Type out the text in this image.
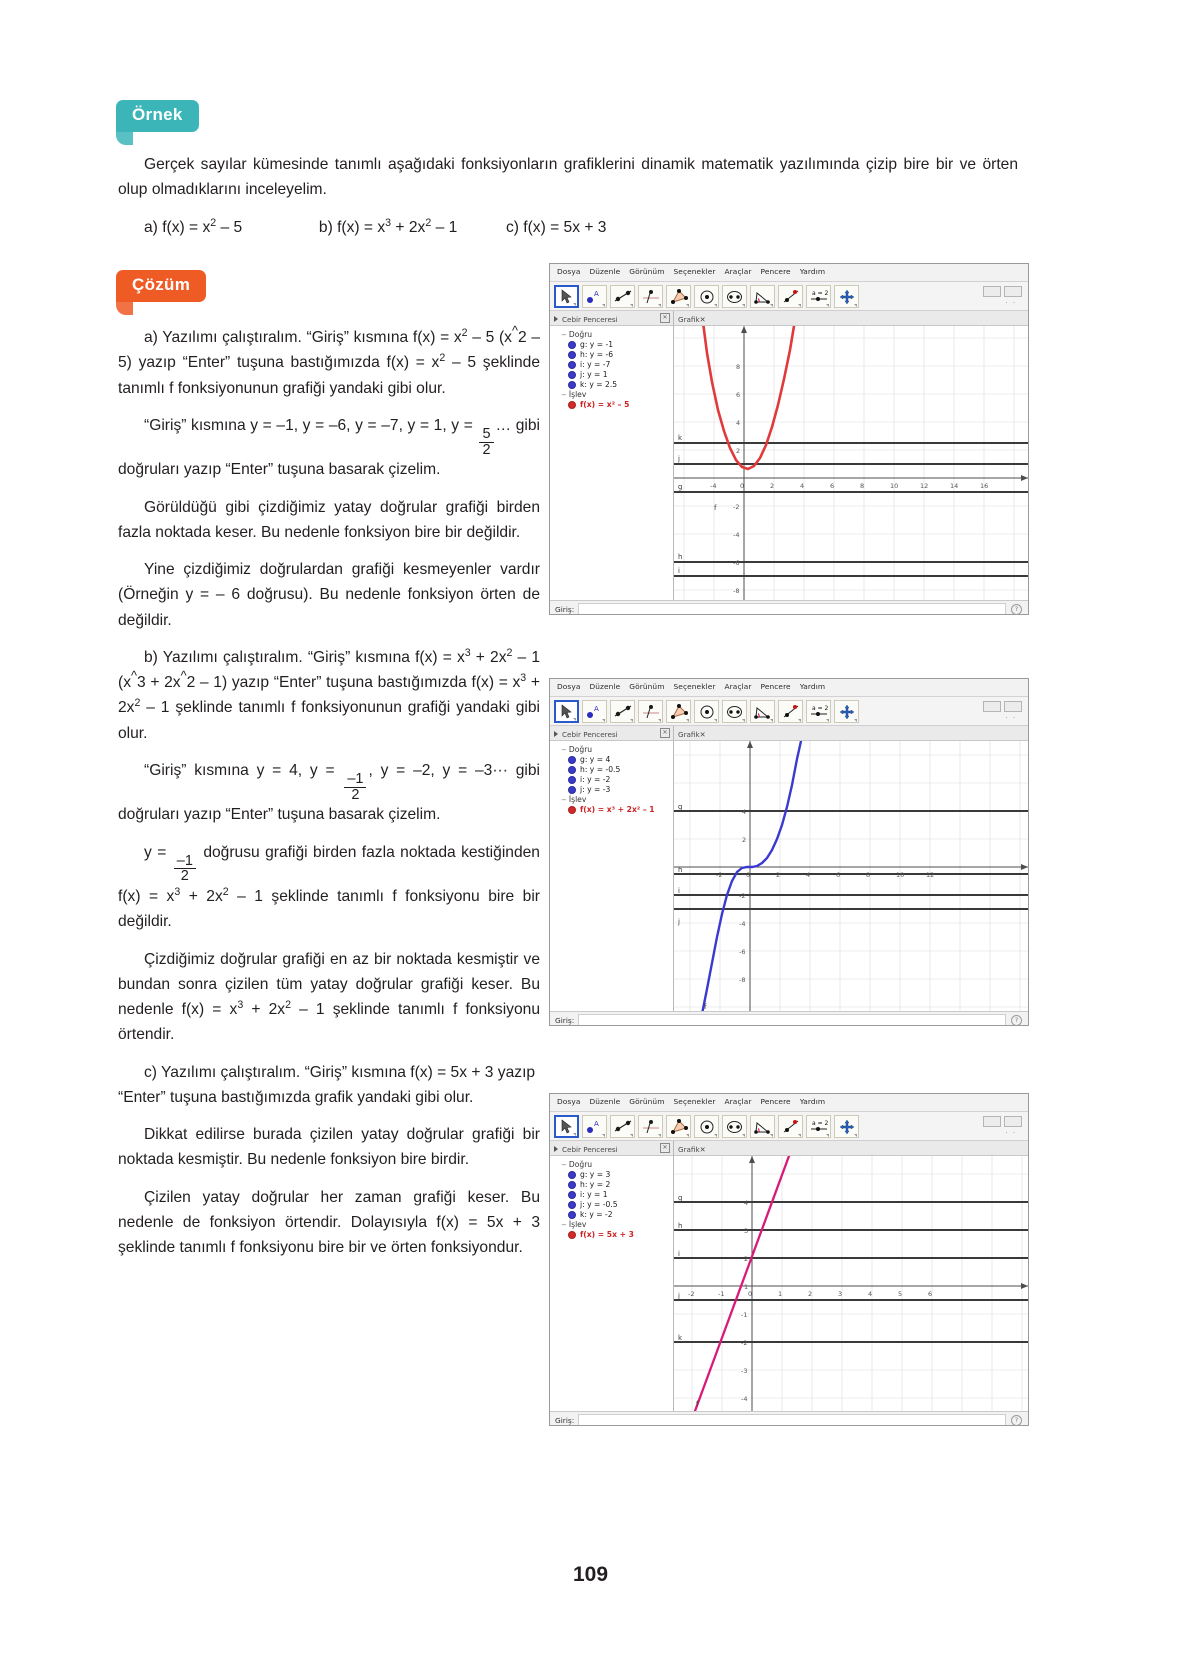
Örnek

Gerçek sayılar kümesinde tanımlı aşağıdaki fonksiyonların grafiklerini dinamik matematik yazılımında çizip bire bir ve örten olup olmadıklarını inceleyelim.

a) $f(x) = x^2 - 5$	b) $f(x) = x^3 + 2x^2 - 1$	c) f(x) = 5x + 3

Çözüm

a) Yazılımı çalıştıralım. “Giriş” kısmına $f(x) = x^2 - 5$ (x^2 –5) yazıp “Enter” tuşuna bastığımızda $f(x) = x^2 - 5$ şeklinde tanımlı f fonksiyonunun grafiği yandaki gibi olur.

“Giriş” kısmına y = –1, y = –6, y = –7, y = 1, y =
$\frac{5}{2}$
… gibi doğruları yazıp “Enter” tuşuna basarak çizelim.

Görüldüğü gibi çizdiğimiz yatay doğrular grafiği birden fazla noktada keser. Bu nedenle fonksiyon bire bir değildir.

Yine çizdiğimiz doğrulardan grafiği kesmeyenler vardır (Örneğin y = – 6 doğrusu). Bu nedenle fonksiyon örten de değildir.

b) Yazılımı çalıştıralım. “Giriş” kısmına $f(x) = x^3 + 2x^2 - 1$ (x^3 + 2x^2 – 1) yazıp “Enter” tuşuna bastığımızda $f(x) = x^3 + 2x^2 - 1$ şeklinde tanımlı f fonksiyonunun grafiği yandaki gibi olur.

“Giriş” kısmına y = 4, y =
$\frac{-1}{2}$
, y = –2, y = –3··· gibi doğruları yazıp “Enter” tuşuna basarak çizelim.

y =
$\frac{-1}{2}$
doğrusu grafiği birden fazla noktada kestiğinden $f(x) = x^3 + 2x^2 - 1$ şeklinde tanımlı f fonksiyonu bire bir değildir.

Çizdiğimiz doğrular grafiği en az bir noktada kesmiştir ve bundan sonra çizilen tüm yatay doğrular grafiği keser. Bu nedenle $f(x) = x^3 + 2x^2 - 1$ şeklinde tanımlı f fonksiyonu örtendir.

c) Yazılımı çalıştıralım. “Giriş” kısmına f(x) = 5x + 3 yazıp “Enter” tuşuna bastığımızda grafik yandaki gibi olur.

Dikkat edilirse burada çizilen yatay doğrular grafiği bir noktada kesmiştir. Bu nedenle fonksiyon bire birdir.

Çizilen yatay doğrular her zaman grafiği keser. Bu nedenle de fonksiyon örtendir. Dolayısıyla f(x) = 5x + 3 şeklinde tanımlı f fonksiyonu bire bir ve örten fonksiyondur.

Dosya Düzenle Görünüm Seçenekler Araçlar Pencere Yardım
A	a = 2
··
Cebir Penceresi	✕
− Doğru
g: y = -1
h: y = -6
i: y = -7
j: y = 1
k: y = 2.5
− İşlev
f(x) = x² – 5
Grafik ✕
8
6
4
2
-2
-4
-6
-8
-4	0	2	4	6	8	10	12	14	16
k
j
g
h
i
f
Giriş:	?
Dosya Düzenle Görünüm Seçenekler Araçlar Pencere Yardım
A	a = 2
··
Cebir Penceresi	✕
− Doğru
g: y = 4
h: y = -0.5
i: y = -2
j: y = -3
− İşlev
f(x) = x³ + 2x² – 1
Grafik ✕
4
2
-2
-4
-6
-8
-2	0	2	4	6	8	10	12
g
h
i
j
f
Giriş:	?
Dosya Düzenle Görünüm Seçenekler Araçlar Pencere Yardım
A	a = 2
··
Cebir Penceresi	✕
− Doğru
g: y = 3
h: y = 2
i: y = 1
j: y = -0.5
k: y = -2
− İşlev
f(x) = 5x + 3
Grafik ✕
4
3
2
1
-1
-2
-3
-4
-2	-1	0	1	2	3	4	5	6
g
h
i
j
k
f
Giriş:	?
109
